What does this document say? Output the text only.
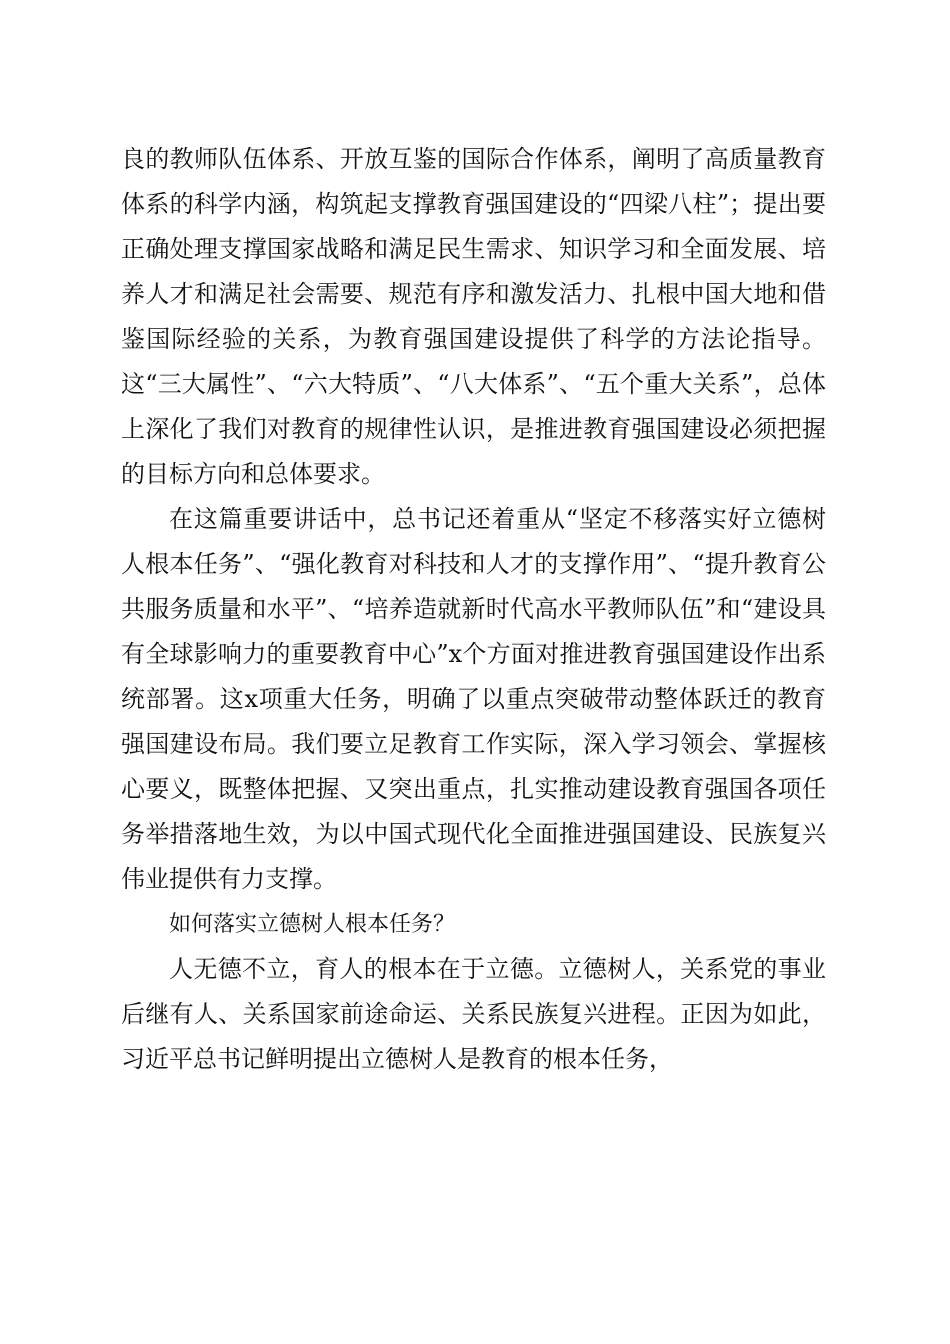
良的教师队伍体系、开放互鉴的国际合作体系，阐明了高质量教育体系的科学内涵，构筑起支撑教育强国建设的“四梁八柱”；提出要正确处理支撑国家战略和满足民生需求、知识学习和全面发展、培养人才和满足社会需要、规范有序和激发活力、扎根中国大地和借鉴国际经验的关系，为教育强国建设提供了科学的方法论指导。这“三大属性”、“六大特质”、“八大体系”、“五个重大关系”，总体上深化了我们对教育的规律性认识，是推进教育强国建设必须把握的目标方向和总体要求。

在这篇重要讲话中，总书记还着重从“坚定不移落实好立德树人根本任务”、“强化教育对科技和人才的支撑作用”、“提升教育公共服务质量和水平”、“培养造就新时代高水平教师队伍”和“建设具有全球影响力的重要教育中心”x个方面对推进教育强国建设作出系统部署。这x项重大任务，明确了以重点突破带动整体跃迁的教育强国建设布局。我们要立足教育工作实际，深入学习领会、掌握核心要义，既整体把握、又突出重点，扎实推动建设教育强国各项任务举措落地生效，为以中国式现代化全面推进强国建设、民族复兴伟业提供有力支撑。

如何落实立德树人根本任务？

人无德不立，育人的根本在于立德。立德树人，关系党的事业后继有人、关系国家前途命运、关系民族复兴进程。正因为如此，习近平总书记鲜明提出立德树人是教育的根本任务，
